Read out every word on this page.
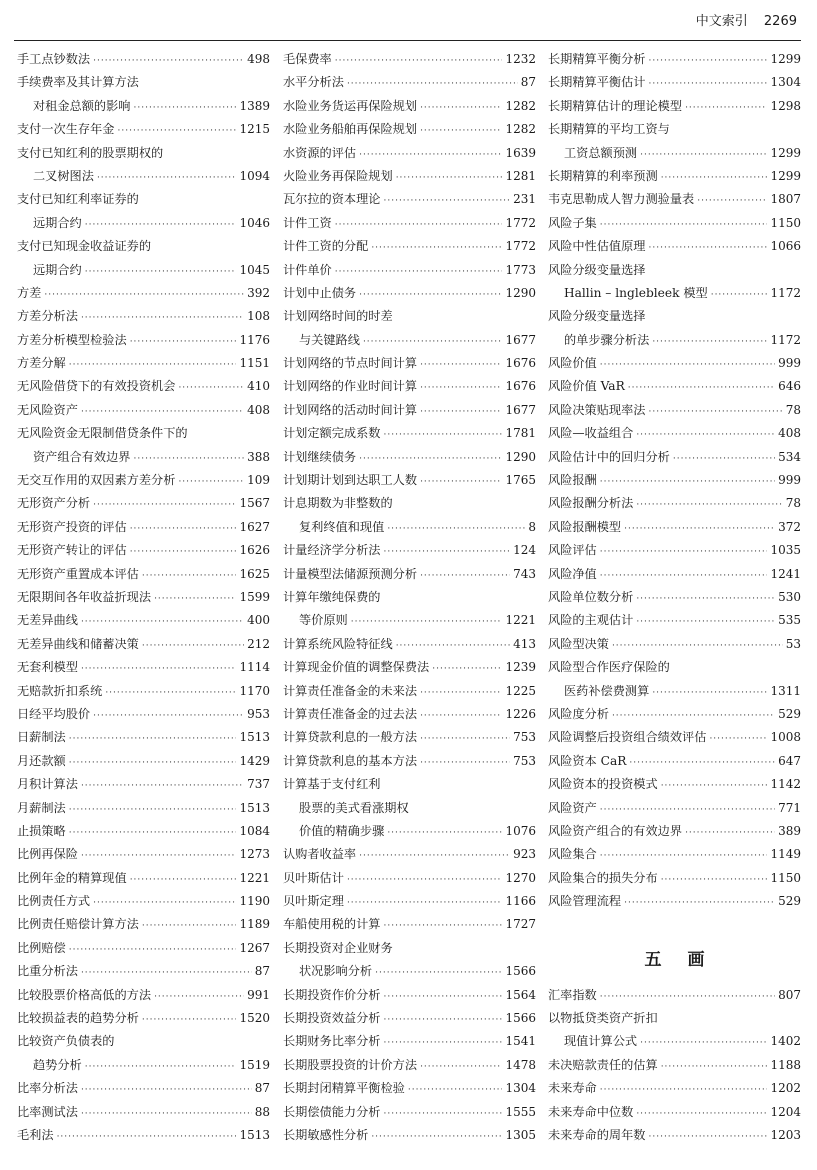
中文索引 2269
手工点钞数法 ·····	498
手续费率及其计算方法
对租金总额的影响 ·····	1389
支付一次生存年金 ·····	1215
支付已知红利的股票期权的
二叉树图法 ·····	1094
支付已知红利率证券的
远期合约 ·····	1046
支付已知现金收益证券的
远期合约 ·····	1045
方差 ·····	392
方差分析法 ·····	108
方差分析模型检验法 ·····	1176
方差分解 ·····	1151
无风险借贷下的有效投资机会 ·····	410
无风险资产 ·····	408
无风险资金无限制借贷条件下的
资产组合有效边界 ·····	388
无交互作用的双因素方差分析 ·····	109
无形资产分析 ·····	1567
无形资产投资的评估 ·····	1627
无形资产转让的评估 ·····	1626
无形资产重置成本评估 ·····	1625
无限期间各年收益折现法 ·····	1599
无差异曲线 ·····	400
无差异曲线和储蓄决策 ·····	212
无套利模型 ·····	1114
无赔款折扣系统 ·····	1170
日经平均股价 ·····	953
日薪制法 ·····	1513
月还款额 ·····	1429
月积计算法 ·····	737
月薪制法 ·····	1513
止损策略 ·····	1084
比例再保险 ·····	1273
比例年金的精算现值 ·····	1221
比例责任方式 ·····	1190
比例责任赔偿计算方法 ·····	1189
比例赔偿 ·····	1267
比重分析法 ·····	87
比较股票价格高低的方法 ·····	991
比较损益表的趋势分析 ·····	1520
比较资产负债表的
趋势分析 ·····	1519
比率分析法 ·····	87
比率测试法 ·····	88
毛利法 ·····	1513
毛保费率 ·····	1232
水平分析法 ·····	87
水险业务货运再保险规划 ·····	1282
水险业务船舶再保险规划 ·····	1282
水资源的评估 ·····	1639
火险业务再保险规划 ·····	1281
瓦尔拉的资本理论 ·····	231
计件工资 ·····	1772
计件工资的分配 ·····	1772
计件单价 ·····	1773
计划中止债务 ·····	1290
计划网络时间的时差
与关键路线 ·····	1677
计划网络的节点时间计算 ·····	1676
计划网络的作业时间计算 ·····	1676
计划网络的活动时间计算 ·····	1677
计划定额完成系数 ·····	1781
计划继续债务 ·····	1290
计划期计划到达职工人数 ·····	1765
计息期数为非整数的
复利终值和现值 ·····	8
计量经济学分析法 ·····	124
计量模型法储源预测分析 ·····	743
计算年缴纯保费的
等价原则 ·····	1221
计算系统风险特征线 ·····	413
计算现金价值的调整保费法 ·····	1239
计算责任准备金的未来法 ·····	1225
计算责任准备金的过去法 ·····	1226
计算贷款利息的一般方法 ·····	753
计算贷款利息的基本方法 ·····	753
计算基于支付红利
股票的美式看涨期权
价值的精确步骤 ·····	1076
认购者收益率 ·····	923
贝叶斯估计 ·····	1270
贝叶斯定理 ·····	1166
车船使用税的计算 ·····	1727
长期投资对企业财务
状况影响分析 ·····	1566
长期投资作价分析 ·····	1564
长期投资效益分析 ·····	1566
长期财务比率分析 ·····	1541
长期股票投资的计价方法 ·····	1478
长期封闭精算平衡检验 ·····	1304
长期偿债能力分析 ·····	1555
长期敏感性分析 ·····	1305
长期精算平衡分析 ·····	1299
长期精算平衡估计 ·····	1304
长期精算估计的理论模型 ·····	1298
长期精算的平均工资与
工资总额预测 ·····	1299
长期精算的利率预测 ·····	1299
韦克思勒成人智力测验量表 ·····	1807
风险子集 ·····	1150
风险中性估值原理 ·····	1066
风险分级变量选择
Hallin – lnglebleek 模型 ·····	1172
风险分级变量选择
的单步骤分析法 ·····	1172
风险价值 ·····	999
风险价值 VaR ·····	646
风险决策贴现率法 ·····	78
风险—收益组合 ·····	408
风险估计中的回归分析 ·····	534
风险报酬 ·····	999
风险报酬分析法 ·····	78
风险报酬模型 ·····	372
风险评估 ·····	1035
风险净值 ·····	1241
风险单位数分析 ·····	530
风险的主观估计 ·····	535
风险型决策 ·····	53
风险型合作医疗保险的
医药补偿费测算 ·····	1311
风险度分析 ·····	529
风险调整后投资组合绩效评估 ·····	1008
风险资本 CaR ·····	647
风险资本的投资模式 ·····	1142
风险资产 ·····	771
风险资产组合的有效边界 ·····	389
风险集合 ·····	1149
风险集合的损失分布 ·····	1150
风险管理流程 ·····	529
五画
汇率指数 ·····	807
以物抵贷类资产折扣
现值计算公式 ·····	1402
未决赔款责任的估算 ·····	1188
未来寿命 ·····	1202
未来寿命中位数 ·····	1204
未来寿命的周年数 ·····	1203
